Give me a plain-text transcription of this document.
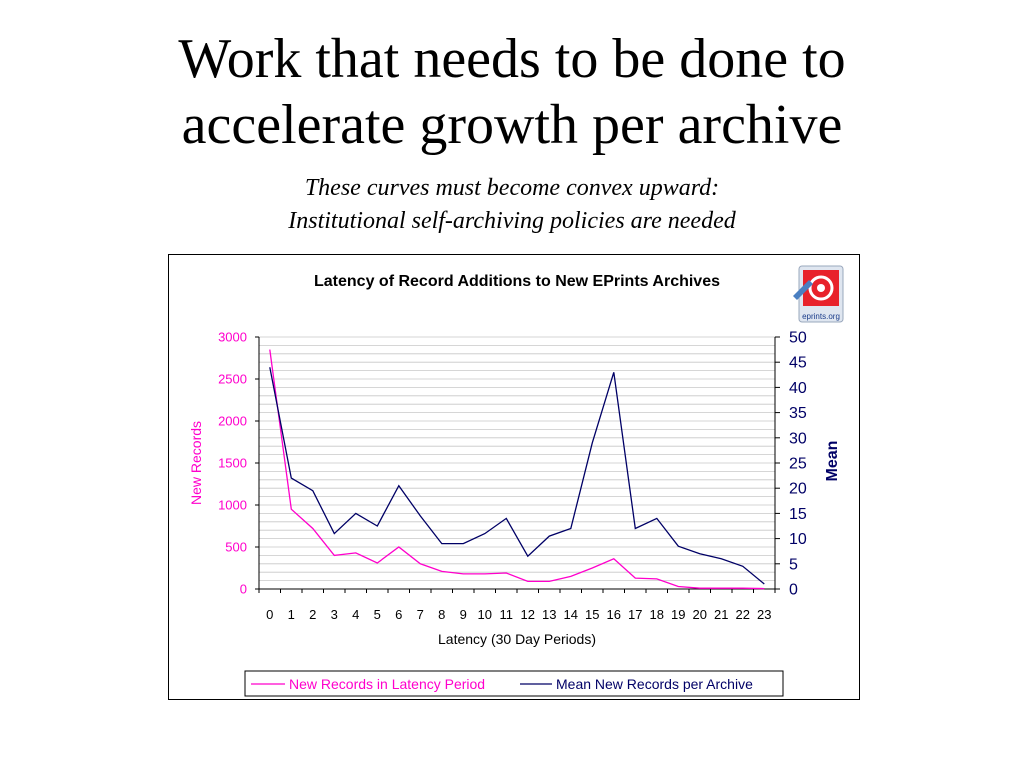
Work that needs to be done to
accelerate growth per archive

These curves must become convex upward:
Institutional self-archiving policies are needed

Latency of Record Additions to New EPrints Archives
eprints.org
0
500
1000
1500
2000
2500
3000
0
5
10
15
20
25
30
35
40
45
50
0 1 2 3 4 5 6 7 8 9 10 11 12 13 14 15 16 17 18 19 20 21 22 23
New Records	Mean
Latency (30 Day Periods)
New Records in Latency Period	Mean New Records per Archive
